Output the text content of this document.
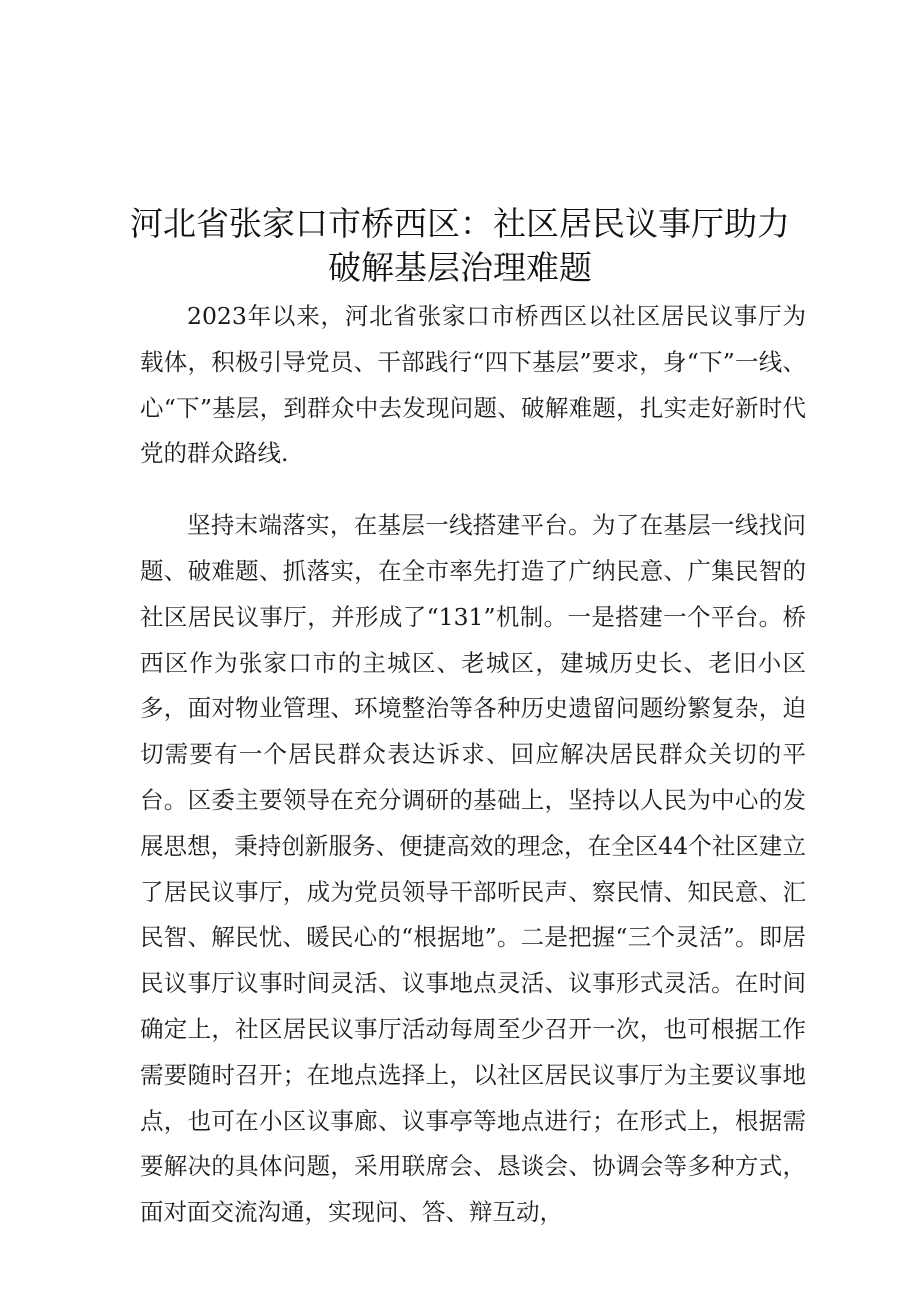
河北省张家口市桥西区：社区居民议事厅助力
破解基层治理难题

2023年以来，河北省张家口市桥西区以社区居民议事厅为载体，积极引导党员、干部践行“四下基层”要求，身“下”一线、心“下”基层，到群众中去发现问题、破解难题，扎实走好新时代党的群众路线.

坚持末端落实，在基层一线搭建平台。为了在基层一线找问题、破难题、抓落实，在全市率先打造了广纳民意、广集民智的社区居民议事厅，并形成了“131”机制。一是搭建一个平台。桥西区作为张家口市的主城区、老城区，建城历史长、老旧小区多，面对物业管理、环境整治等各种历史遗留问题纷繁复杂，迫切需要有一个居民群众表达诉求、回应解决居民群众关切的平台。区委主要领导在充分调研的基础上，坚持以人民为中心的发展思想，秉持创新服务、便捷高效的理念，在全区44个社区建立了居民议事厅，成为党员领导干部听民声、察民情、知民意、汇民智、解民忧、暖民心的“根据地”。二是把握“三个灵活”。即居民议事厅议事时间灵活、议事地点灵活、议事形式灵活。在时间确定上，社区居民议事厅活动每周至少召开一次，也可根据工作需要随时召开；在地点选择上，以社区居民议事厅为主要议事地点，也可在小区议事廊、议事亭等地点进行；在形式上，根据需要解决的具体问题，采用联席会、恳谈会、协调会等多种方式，面对面交流沟通，实现问、答、辩互动，
